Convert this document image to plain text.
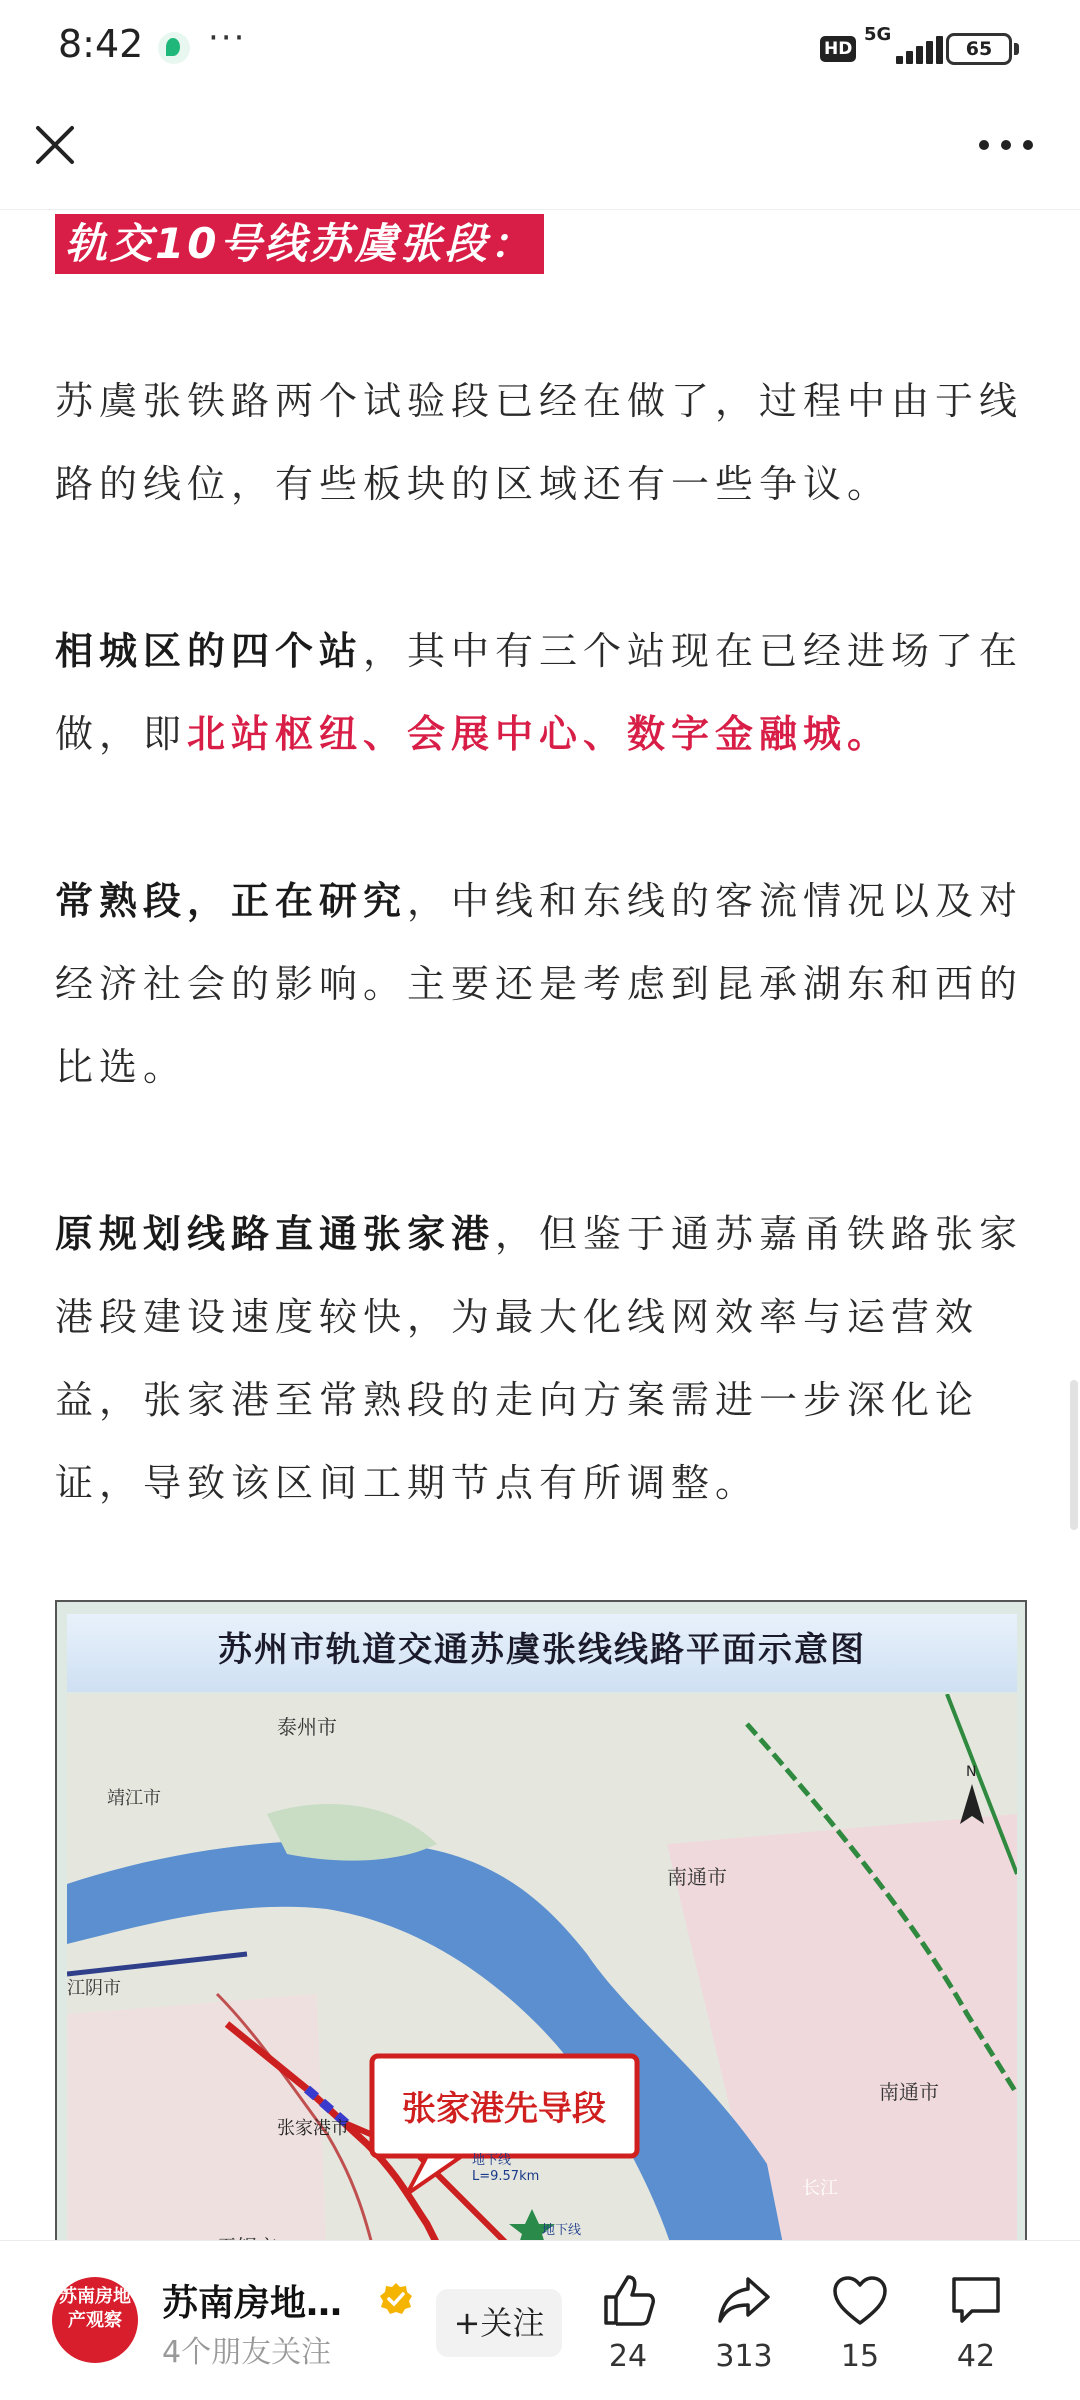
8:42 ···	HD
5G
65
轨交10号线苏虞张段：

苏虞张铁路两个试验段已经在做了，过程中由于线路的线位，有些板块的区域还有一些争议。

相城区的四个站，其中有三个站现在已经进场了在做，即北站枢纽、会展中心、数字金融城。

常熟段，正在研究，中线和东线的客流情况以及对经济社会的影响。主要还是考虑到昆承湖东和西的比选。

原规划线路直通张家港，但鉴于通苏嘉甬铁路张家港段建设速度较快，为最大化线网效率与运营效益，张家港至常熟段的走向方案需进一步深化论证，导致该区间工期节点有所调整。

苏州市轨道交通苏虞张线线路平面示意图
张家港先导段
泰州市
靖江市
南通市
南通市
江阴市
张家港市
长江
地下线
L=9.57km
地下线
N
苏南房地产观察	苏南房地…
4个朋友关注
+关注
24	313	15	42
